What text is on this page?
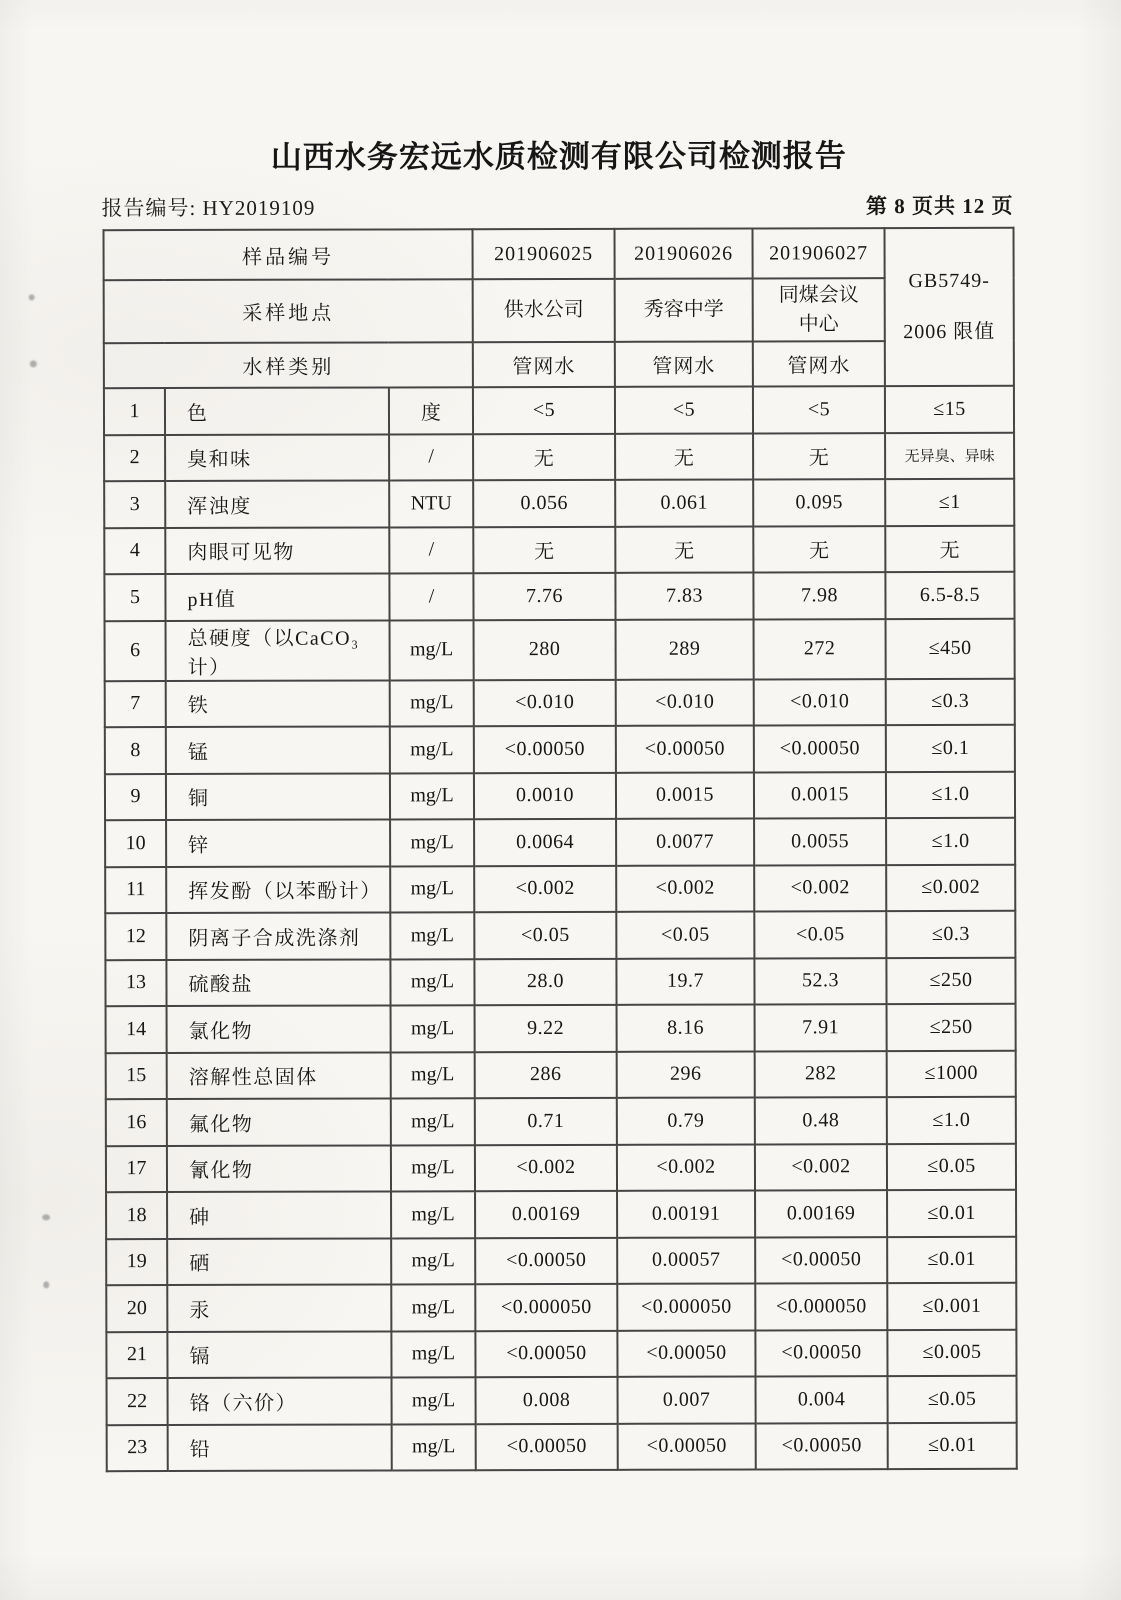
山西水务宏远水质检测有限公司检测报告
报告编号: HY2019109	第 8 页共 12 页
样品编号			201906025	201906026	201906027	GB5749-
2006 限值
采样地点			供水公司	秀容中学	同煤会议
中心	
水样类别			管网水	管网水	管网水	
1	色	度	<5	<5	<5	≤15
2	臭和味	/	无	无	无	无异臭、异味
3	浑浊度	NTU	0.056	0.061	0.095	≤1
4	肉眼可见物	/	无	无	无	无
5	pH值	/	7.76	7.83	7.98	6.5-8.5
6	总硬度（以CaCO₃计）	mg/L	280	289	272	≤450
7	铁	mg/L	<0.010	<0.010	<0.010	≤0.3
8	锰	mg/L	<0.00050	<0.00050	<0.00050	≤0.1
9	铜	mg/L	0.0010	0.0015	0.0015	≤1.0
10	锌	mg/L	0.0064	0.0077	0.0055	≤1.0
11	挥发酚（以苯酚计）	mg/L	<0.002	<0.002	<0.002	≤0.002
12	阴离子合成洗涤剂	mg/L	<0.05	<0.05	<0.05	≤0.3
13	硫酸盐	mg/L	28.0	19.7	52.3	≤250
14	氯化物	mg/L	9.22	8.16	7.91	≤250
15	溶解性总固体	mg/L	286	296	282	≤1000
16	氟化物	mg/L	0.71	0.79	0.48	≤1.0
17	氰化物	mg/L	<0.002	<0.002	<0.002	≤0.05
18	砷	mg/L	0.00169	0.00191	0.00169	≤0.01
19	硒	mg/L	<0.00050	0.00057	<0.00050	≤0.01
20	汞	mg/L	<0.000050	<0.000050	<0.000050	≤0.001
21	镉	mg/L	<0.00050	<0.00050	<0.00050	≤0.005
22	铬（六价）	mg/L	0.008	0.007	0.004	≤0.05
23	铅	mg/L	<0.00050	<0.00050	<0.00050	≤0.01
